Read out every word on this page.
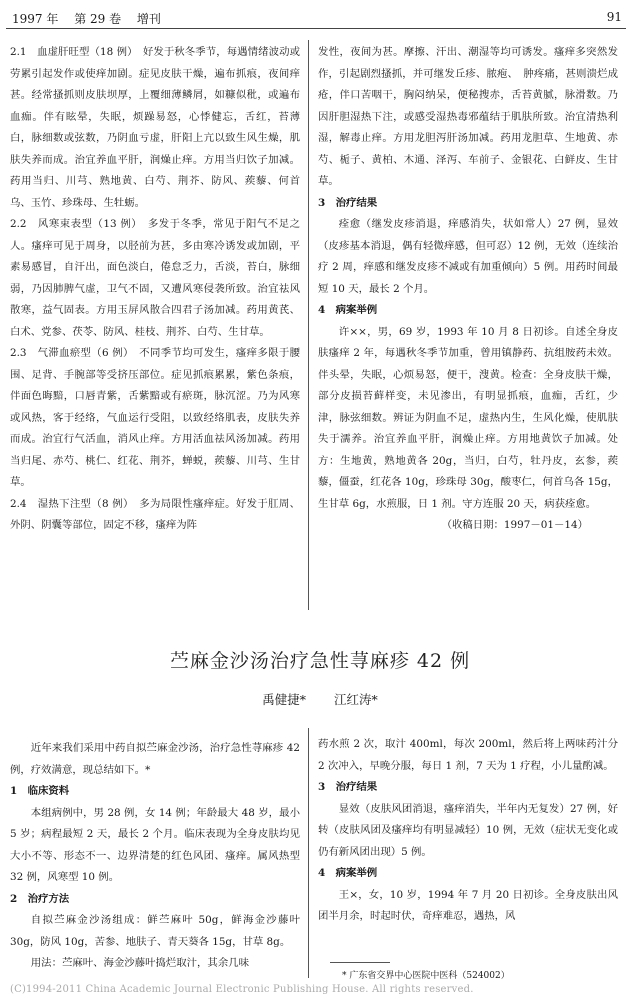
1997 年 第 29 卷 增刊	91

2.1　血虚肝旺型（18 例）　好发于秋冬季节，每遇情绪波动或劳累引起发作或使痒加剧。症见皮肤干燥，遍布抓痕，夜间痒甚。经常搔抓则皮肤坝厚，上覆细薄鳞屑，如糠似秕，或遍布血痂。伴有眩晕，失眠，烦躁易怒，心悸健忘，舌红，苔薄白，脉细数或弦数，乃阴血亏虚，肝阳上亢以致生风生燥，肌肤失养而成。治宜养血平肝，润燥止痒。方用当归饮子加减。药用当归、川芎、熟地黄、白芍、荆芥、防风、蒺藜、何首乌、玉竹、珍珠母、生牡蛎。

2.2　风寒束表型（13 例）　多发于冬季，常见于阳气不足之人。瘙痒可见于周身，以胫前为甚，多由寒冷诱发或加剧，平素易感冒，自汗出，面色淡白，倦怠乏力，舌淡，苔白，脉细弱，乃因肺脾气虚，卫气不固，又遭风寒侵袭所致。治宜祛风散寒，益气固表。方用玉屏风散合四君子汤加减。药用黄芪、白术、党参、茯苓、防风、桂枝、荆芥、白芍、生甘草。

2.3　气滞血瘀型（6 例）　不同季节均可发生，瘙痒多限于腰围、足背、手腕部等受挤压部位。症见抓痕累累，紫色条痕，伴面色晦黯，口唇青紫，舌紫黯或有瘀斑，脉沉涩。乃为风寒或风热，客于经络，气血运行受阻，以致经络肌表，皮肤失养而成。治宜行气活血，消风止痒。方用活血祛风汤加减。药用当归尾、赤芍、桃仁、红花、荆芥，蝉蜕，蒺藜、川芎、生甘草。

2.4　湿热下注型（8 例）　多为局限性瘙痒症。好发于肛周、外阴、阴囊等部位，固定不移，瘙痒为阵

发性，夜间为甚。摩擦、汗出、潮湿等均可诱发。瘙痒多突然发作，引起剧烈搔抓，并可继发丘疹、脓疱、　肿疼痛，甚则溃烂成疮，伴口苦咽干，胸闷纳呆，便秘搜赤，舌苔黄腻，脉滑数。乃因肝胆湿热下注，或感受湿热毒邪蕴结于肌肤所致。治宜清热利湿，解毒止痒。方用龙胆泻肝汤加减。药用龙胆草、生地黄、赤芍、栀子、黄柏、木通、泽泻、车前子、金银花、白鲜皮、生甘草。

3　治疗结果

痊愈（继发皮疹消退，痒感消失，状如常人）27 例，显效（皮疹基本消退，偶有轻微痒感，但可忍）12 例，无效（连续治疗 2 周，痒感和继发皮疹不减或有加重倾向）5 例。用药时间最短 10 天，最长 2 个月。

4　病案举例

许××，男，69 岁，1993 年 10 月 8 日初诊。自述全身皮肤瘙痒 2 年，每遇秋冬季节加重，曾用镇静药、抗组胺药未效。伴头晕，失眠，心烦易怒，便干，溲黄。检查：全身皮肤干燥，部分皮损苔藓样变，未见渗出，有明显抓痕，血痂，舌红，少津，脉弦细数。辨证为阴血不足，虚热内生，生风化燥，使肌肤失于濡养。治宜养血平肝，润燥止痒。方用地黄饮子加减。处方：生地黄，熟地黄各 20g，当归，白芍，牡丹皮，玄参，蒺藜，僵蚕，红花各 10g，珍珠母 30g，酸枣仁，何首乌各 15g，生甘草 6g，水煎服，日 1 剂。守方连服 20 天，病获痊愈。

（收稿日期：1997－01－14）

苎麻金沙汤治疗急性荨麻疹 42 例
禹健捷* 江红涛*

近年来我们采用中药自拟苎麻金沙汤，治疗急性荨麻疹 42 例，疗效满意，现总结如下。*

1　临床资料

本组病例中，男 28 例，女 14 例；年龄最大 48 岁，最小 5 岁；病程最短 2 天，最长 2 个月。临床表现为全身皮肤均见大小不等、形态不一、边界清楚的红色风团、瘙痒。属风热型 32 例，风寒型 10 例。

2　治疗方法

自拟苎麻金沙汤组成：鲜苎麻叶 50g，鲜海金沙藤叶 30g，防风 10g，苦参、地肤子、青天葵各 15g，甘草 8g。

用法：苎麻叶、海金沙藤叶捣烂取汁，其余几味

药水煎 2 次，取汁 400ml，每次 200ml，然后将上两味药汁分 2 次冲入，早晚分服，每日 1 剂，7 天为 1 疗程，小儿量酌减。

3　治疗结果

显效（皮肤风团消退，瘙痒消失，半年内无复发）27 例，好转（皮肤风团及瘙痒均有明显减轻）10 例，无效（症状无变化或仍有新风团出现）5 例。

4　病案举例

王×，女，10 岁，1994 年 7 月 20 日初诊。全身皮肤出风团半月余，时起时伏，奇痒难忍，遇热，风

* 广东省交界中心医院中医科（524002）
(C)1994-2011 China Academic Journal Electronic Publishing House. All rights reserved.
